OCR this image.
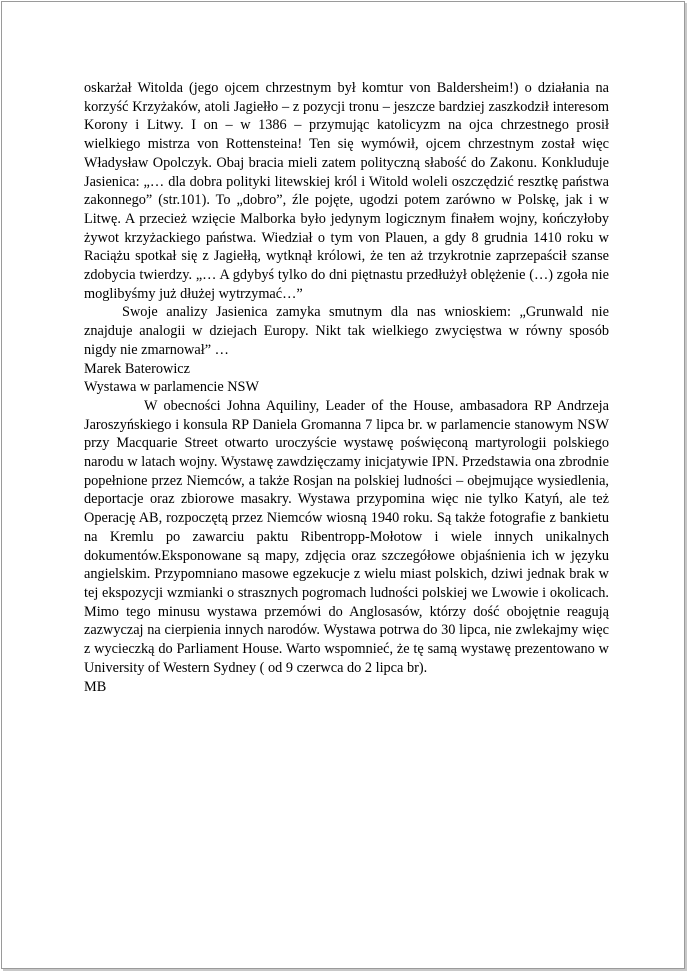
oskarżał Witolda (jego ojcem chrzestnym był komtur von Baldersheim!) o działania na korzyść Krzyżaków, atoli Jagiełło – z pozycji tronu – jeszcze bardziej zaszkodził interesom Korony i Litwy. I on – w 1386 – przymując katolicyzm na ojca chrzestnego prosił wielkiego mistrza von Rottensteina! Ten się wymówił, ojcem chrzestnym został więc Władysław Opolczyk. Obaj bracia mieli zatem polityczną słabość do Zakonu. Konkluduje Jasienica: „… dla dobra polityki litewskiej król i Witold woleli oszczędzić resztkę państwa zakonnego” (str.101). To „dobro”, źle pojęte, ugodzi potem zarówno w Polskę, jak i w Litwę. A przecież wzięcie Malborka było jedynym logicznym finałem wojny, kończyłoby żywot krzyżackiego państwa. Wiedział o tym von Plauen, a gdy 8 grudnia 1410 roku w Raciążu spotkał się z Jagiełłą, wytknął królowi, że ten aż trzykrotnie zaprzepaścił szanse zdobycia twierdzy. „… A gdybyś tylko do dni piętnastu przedłużył oblężenie (…) zgoła nie moglibyśmy już dłużej wytrzymać…”

Swoje analizy Jasienica zamyka smutnym dla nas wnioskiem: „Grunwald nie znajduje analogii w dziejach Europy. Nikt tak wielkiego zwycięstwa w równy sposób nigdy nie zmarnował” …

Marek Baterowicz

Wystawa w parlamencie NSW

W obecności Johna Aquiliny, Leader of the House, ambasadora RP Andrzeja Jaroszyńskiego i konsula RP Daniela Gromanna 7 lipca br. w parlamencie stanowym NSW przy Macquarie Street otwarto uroczyście wystawę poświęconą martyrologii polskiego narodu w latach wojny. Wystawę zawdzięczamy inicjatywie IPN. Przedstawia ona zbrodnie popełnione przez Niemców, a także Rosjan na polskiej ludności – obejmujące wysiedlenia, deportacje oraz zbiorowe masakry. Wystawa przypomina więc nie tylko Katyń, ale też Operację AB, rozpoczętą przez Niemców wiosną 1940 roku. Są także fotografie z bankietu na Kremlu po zawarciu paktu Ribentropp-Mołotow i wiele innych unikalnych dokumentów.Eksponowane są mapy, zdjęcia oraz szczegółowe objaśnienia ich w języku angielskim. Przypomniano masowe egzekucje z wielu miast polskich, dziwi jednak brak w tej ekspozycji wzmianki o strasznych pogromach ludności polskiej we Lwowie i okolicach. Mimo tego minusu wystawa przemówi do Anglosasów, którzy dość obojętnie reagują zazwyczaj na cierpienia innych narodów. Wystawa potrwa do 30 lipca, nie zwlekajmy więc z wycieczką do Parliament House. Warto wspomnieć, że tę samą wystawę prezentowano w University of Western Sydney ( od 9 czerwca do 2 lipca br).

MB
